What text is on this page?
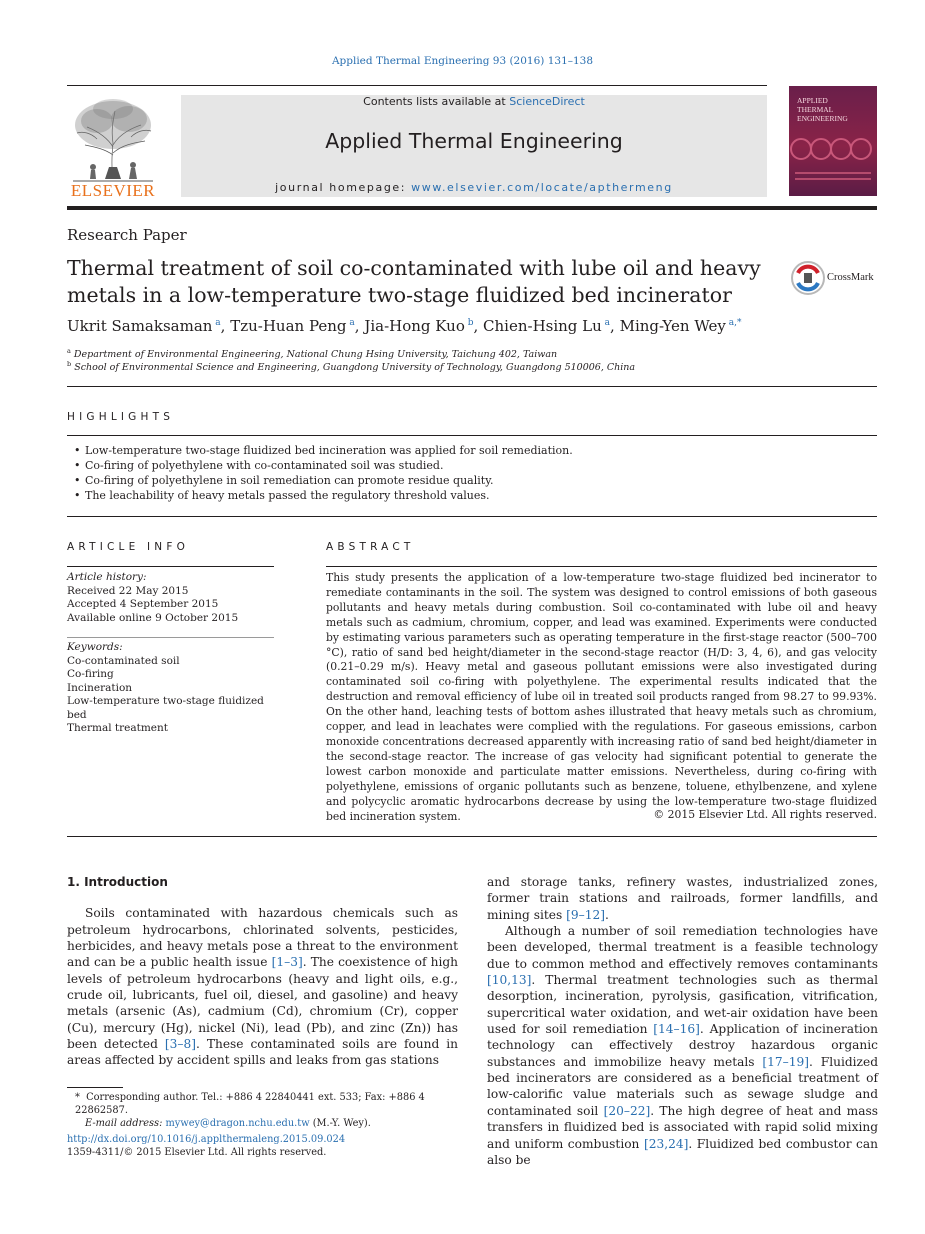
Applied Thermal Engineering 93 (2016) 131–138
ELSEVIER
Contents lists available at ScienceDirect
Applied Thermal Engineering
journal homepage: www.elsevier.com/locate/apthermeng
APPLIED
THERMAL
ENGINEERING
Research Paper
Thermal treatment of soil co-contaminated with lube oil and heavy metals in a low-temperature two-stage fluidized bed incinerator
CrossMark
Ukrit Samaksaman $^a$, Tzu-Huan Peng $^a$, Jia-Hong Kuo $^b$, Chien-Hsing Lu $^a$, Ming-Yen Wey $^{a,*}$
$^a$ Department of Environmental Engineering, National Chung Hsing University, Taichung 402, Taiwan
$^b$ School of Environmental Science and Engineering, Guangdong University of Technology, Guangdong 510006, China
HIGHLIGHTS
• Low-temperature two-stage fluidized bed incineration was applied for soil remediation.
• Co-firing of polyethylene with co-contaminated soil was studied.
• Co-firing of polyethylene in soil remediation can promote residue quality.
• The leachability of heavy metals passed the regulatory threshold values.
ARTICLE INFO
Article history:
Received 22 May 2015
Accepted 4 September 2015
Available online 9 October 2015
Keywords:
Co-contaminated soil
Co-firing
Incineration
Low-temperature two-stage fluidized bed
Thermal treatment
ABSTRACT
This study presents the application of a low-temperature two-stage fluidized bed incinerator to remediate contaminants in the soil. The system was designed to control emissions of both gaseous pollutants and heavy metals during combustion. Soil co-contaminated with lube oil and heavy metals such as cadmium, chromium, copper, and lead was examined. Experiments were conducted by estimating various parameters such as operating temperature in the first-stage reactor (500–700 °C), ratio of sand bed height/diameter in the second-stage reactor (H/D: 3, 4, 6), and gas velocity (0.21–0.29 m/s). Heavy metal and gaseous pollutant emissions were also investigated during contaminated soil co-firing with polyethylene. The experimental results indicated that the destruction and removal efficiency of lube oil in treated soil products ranged from 98.27 to 99.93%. On the other hand, leaching tests of bottom ashes illustrated that heavy metals such as chromium, copper, and lead in leachates were complied with the regulations. For gaseous emissions, carbon monoxide concentrations decreased apparently with increasing ratio of sand bed height/diameter in the second-stage reactor. The increase of gas velocity had significant potential to generate the lowest carbon monoxide and particulate matter emissions. Nevertheless, during co-firing with polyethylene, emissions of organic pollutants such as benzene, toluene, ethylbenzene, and xylene and polycyclic aromatic hydrocarbons decrease by using the low-temperature two-stage fluidized bed incineration system.	© 2015 Elsevier Ltd. All rights reserved.
1. Introduction

Soils contaminated with hazardous chemicals such as petroleum hydrocarbons, chlorinated solvents, pesticides, herbicides, and heavy metals pose a threat to the environment and can be a public health issue [1–3]. The coexistence of high levels of petroleum hydrocarbons (heavy and light oils, e.g., crude oil, lubricants, fuel oil, diesel, and gasoline) and heavy metals (arsenic (As), cadmium (Cd), chromium (Cr), copper (Cu), mercury (Hg), nickel (Ni), lead (Pb), and zinc (Zn)) has been detected [3–8]. These contaminated soils are found in areas affected by accident spills and leaks from gas stations

and storage tanks, refinery wastes, industrialized zones, former train stations and railroads, former landfills, and mining sites [9–12].

Although a number of soil remediation technologies have been developed, thermal treatment is a feasible technology due to common method and effectively removes contaminants [10,13]. Thermal treatment technologies such as thermal desorption, incineration, pyrolysis, gasification, vitrification, supercritical water oxidation, and wet-air oxidation have been used for soil remediation [14–16]. Application of incineration technology can effectively destroy hazardous organic substances and immobilize heavy metals [17–19]. Fluidized bed incinerators are considered as a beneficial treatment of low-calorific value materials such as sewage sludge and contaminated soil [20–22]. The high degree of heat and mass transfers in fluidized bed is associated with rapid solid mixing and uniform combustion [23,24]. Fluidized bed combustor can also be

* Corresponding author. Tel.: +886 4 22840441 ext. 533; Fax: +886 4 22862587.
E-mail address: mywey@dragon.nchu.edu.tw (M.-Y. Wey).
http://dx.doi.org/10.1016/j.applthermaleng.2015.09.024
1359-4311/© 2015 Elsevier Ltd. All rights reserved.
